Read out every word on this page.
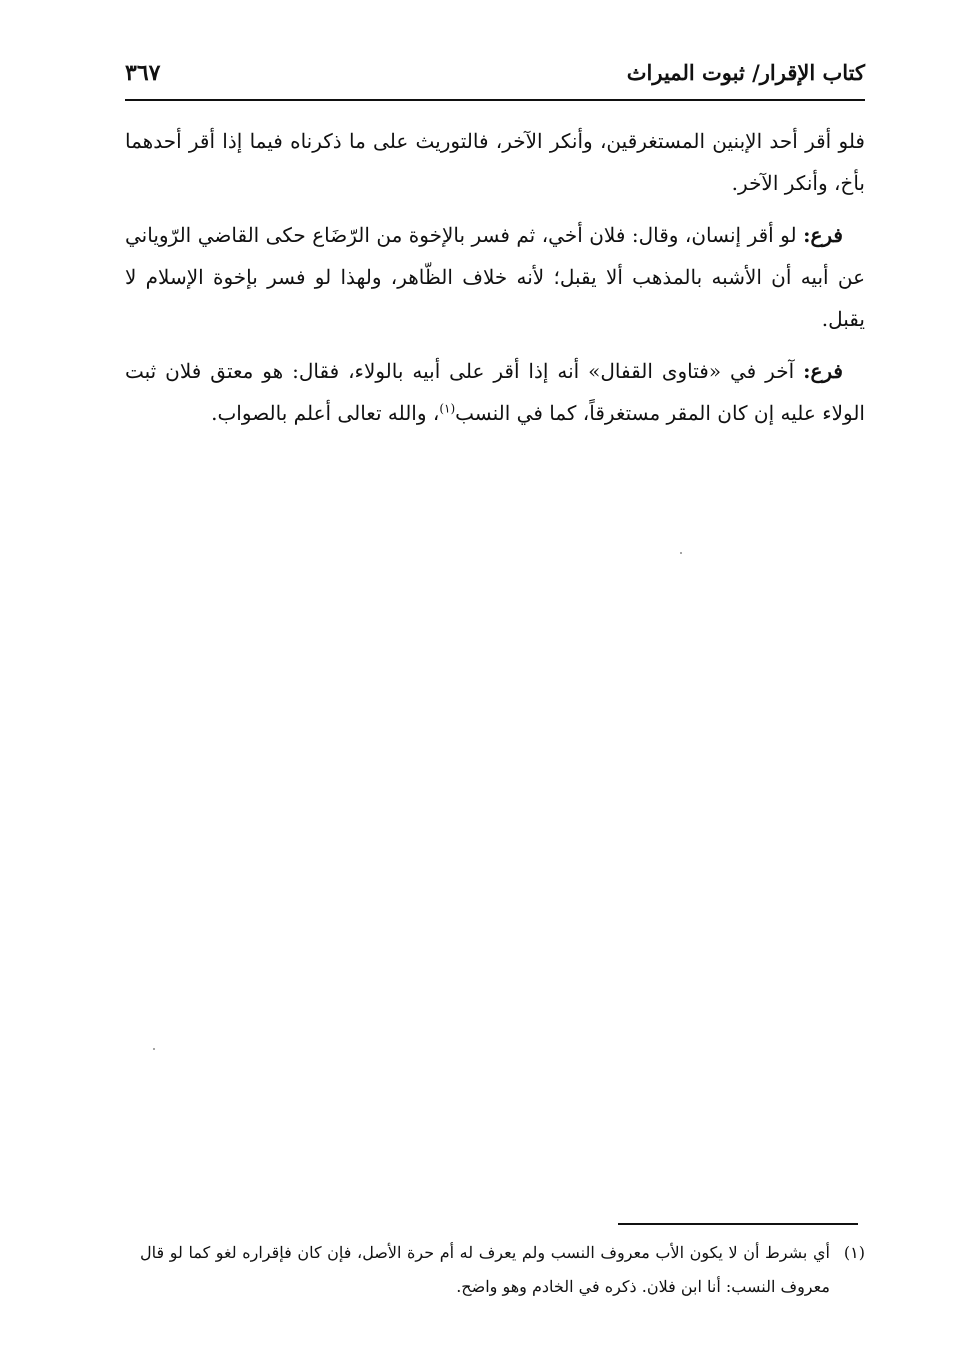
كتاب الإقرار/ ثبوت الميراث
٣٦٧

فلو أقر أحد الإبنين المستغرقين، وأنكر الآخر، فالتوريث على ما ذكرناه فيما إذا أقر أحدهما بأخ، وأنكر الآخر.

فرع: لو أقر إنسان، وقال: فلان أخي، ثم فسر بالإخوة من الرّضَاع حكى القاضي الرّوياني عن أبيه أن الأشبه بالمذهب ألا يقبل؛ لأنه خلاف الظّاهر، ولهذا لو فسر بإخوة الإسلام لا يقبل.

فرع: آخر في «فتاوى القفال» أنه إذا أقر على أبيه بالولاء، فقال: هو معتق فلان ثبت الولاء عليه إن كان المقر مستغرقاً، كما في النسب$^{(١)}$، والله تعالى أعلم بالصواب.

(١)
أي بشرط أن لا يكون الأب معروف النسب ولم يعرف له أم حرة الأصل، فإن كان فإقراره لغو كما لو قال معروف النسب: أنا ابن فلان. ذكره في الخادم وهو واضح.
